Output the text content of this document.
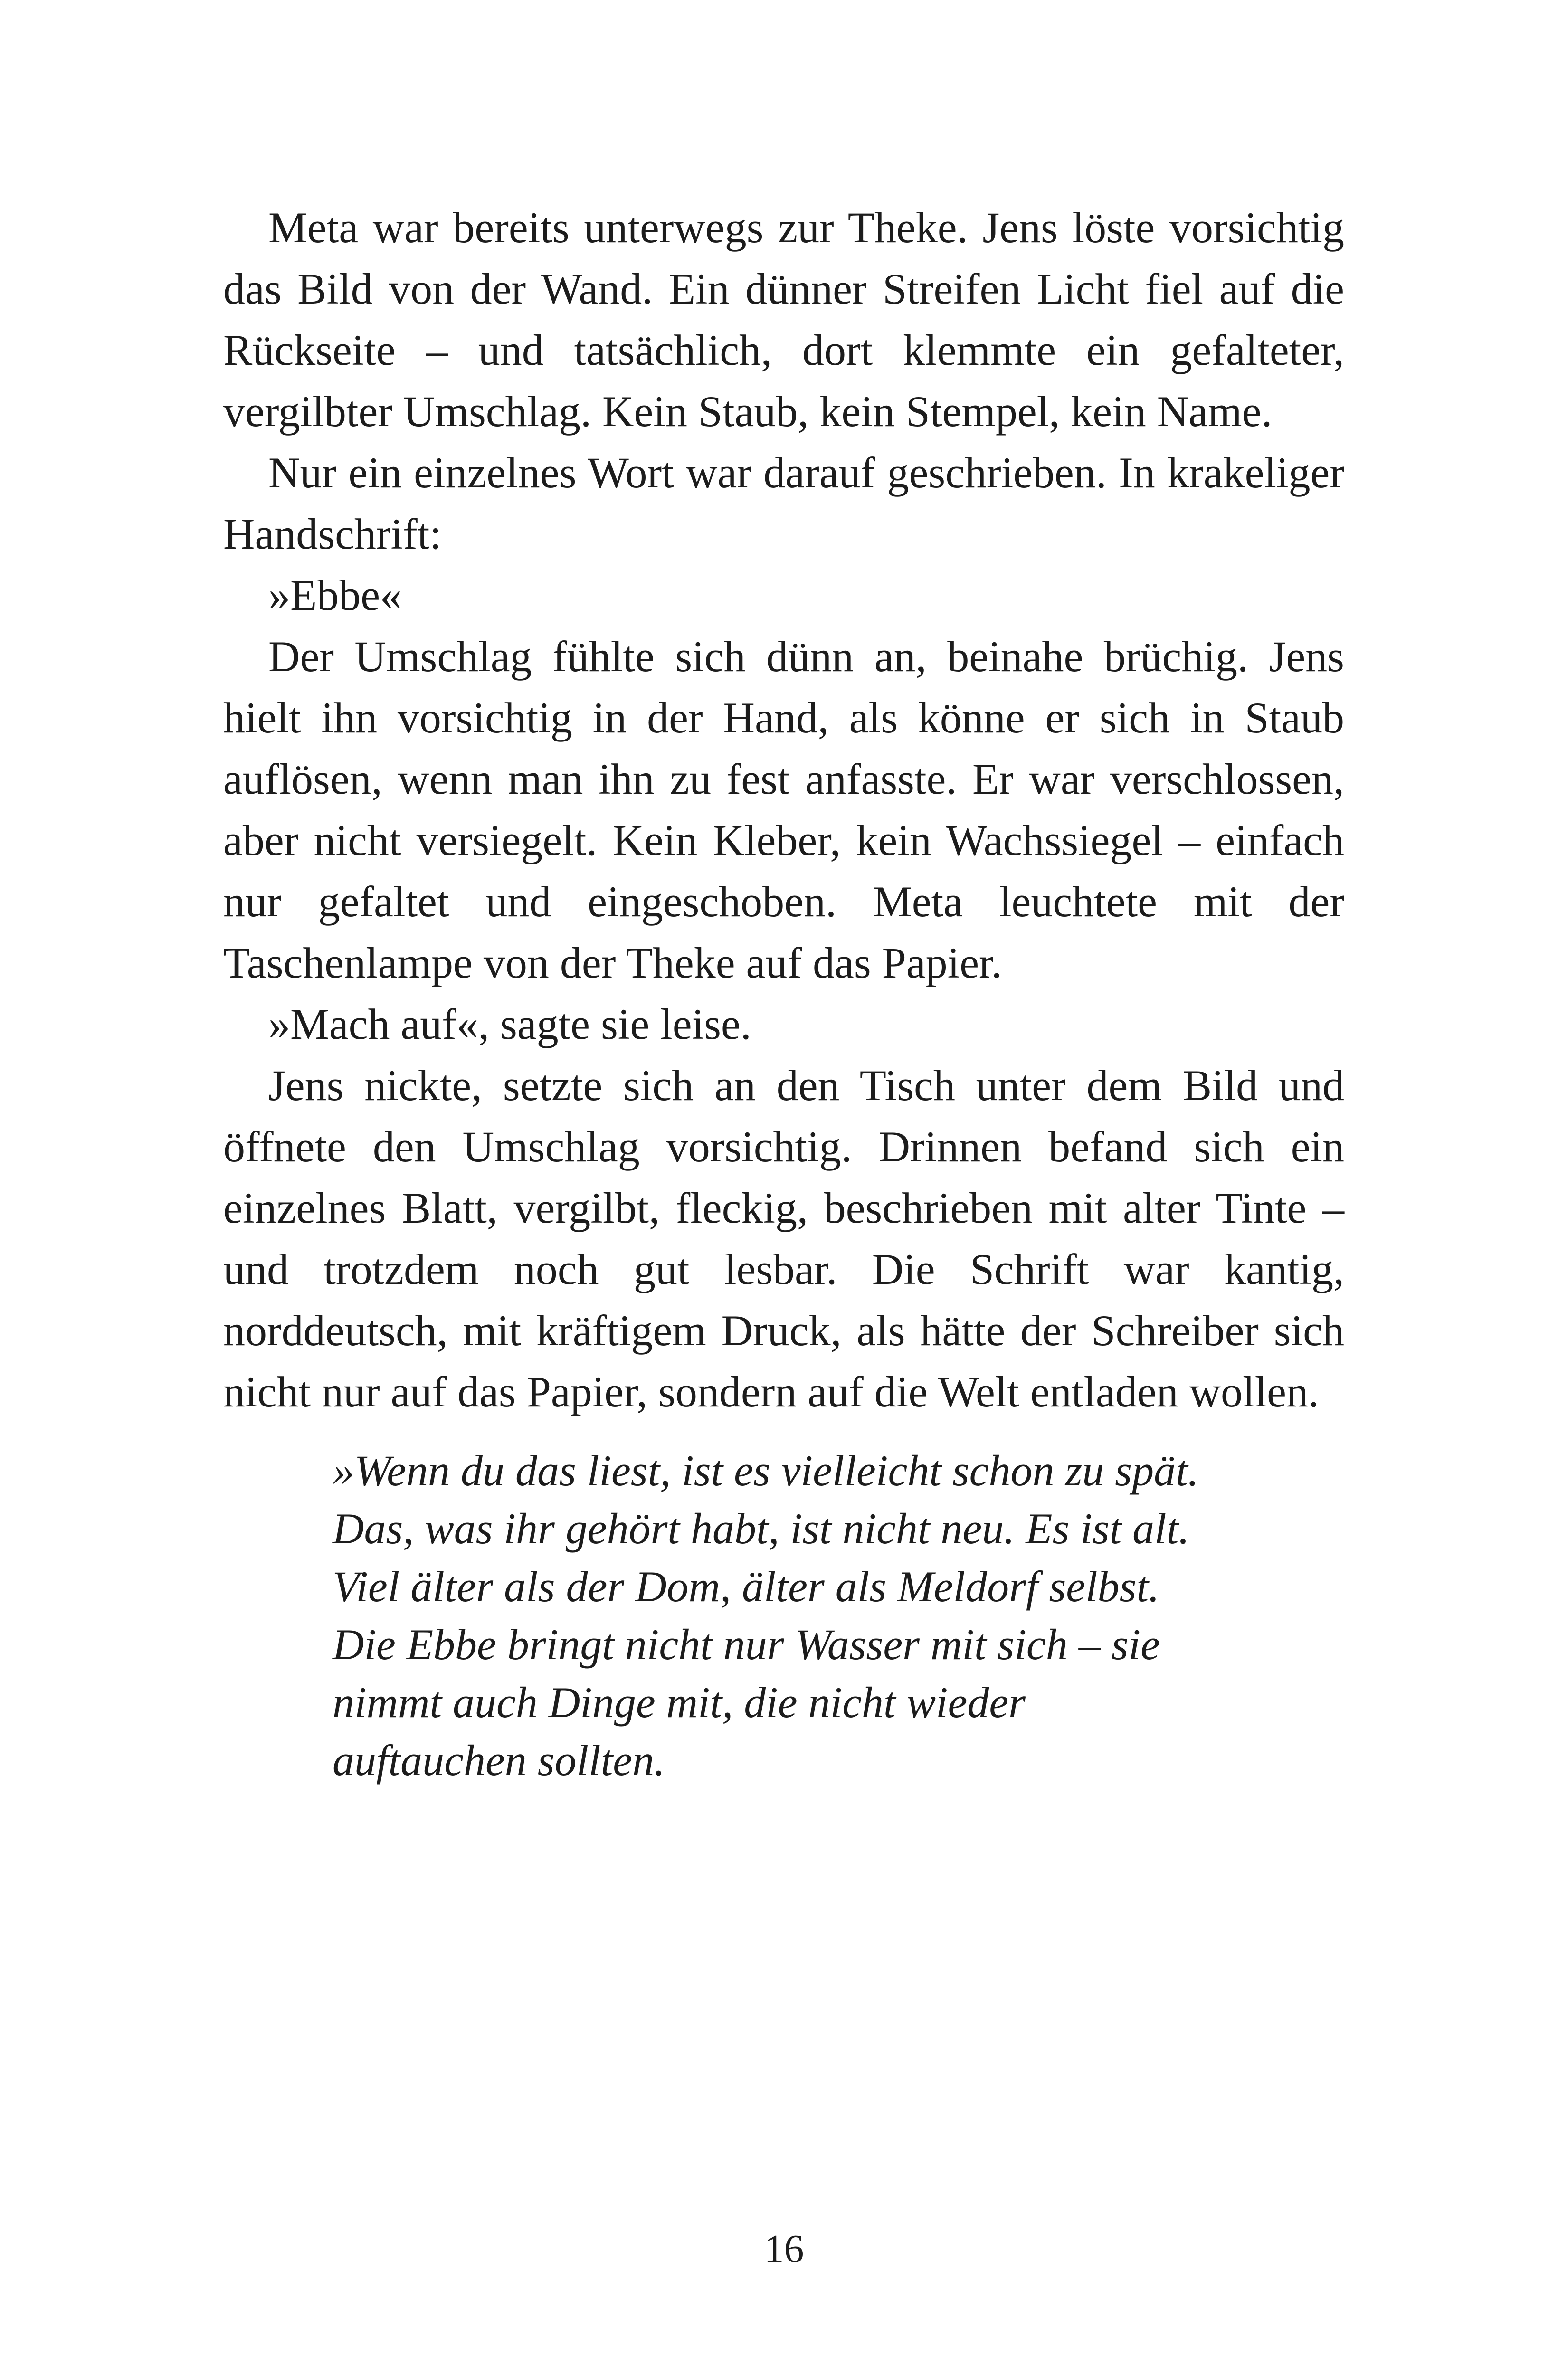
Meta war bereits unterwegs zur Theke. Jens löste vorsichtig das Bild von der Wand. Ein dünner Streifen Licht fiel auf die Rückseite – und tatsächlich, dort klemmte ein gefalteter, vergilbter Umschlag. Kein Staub, kein Stempel, kein Name.

Nur ein einzelnes Wort war darauf geschrieben. In krakeliger Handschrift:

»Ebbe«

Der Umschlag fühlte sich dünn an, beinahe brüchig. Jens hielt ihn vorsichtig in der Hand, als könne er sich in Staub auflösen, wenn man ihn zu fest anfasste. Er war verschlossen, aber nicht versiegelt. Kein Kleber, kein Wachssiegel – einfach nur gefaltet und eingeschoben. Meta leuchtete mit der Taschenlampe von der Theke auf das Papier.

»Mach auf«, sagte sie leise.

Jens nickte, setzte sich an den Tisch unter dem Bild und öffnete den Umschlag vorsichtig. Drinnen befand sich ein einzelnes Blatt, vergilbt, fleckig, beschrieben mit alter Tinte – und trotzdem noch gut lesbar. Die Schrift war kantig, norddeutsch, mit kräftigem Druck, als hätte der Schreiber sich nicht nur auf das Papier, sondern auf die Welt entladen wollen.

»Wenn du das liest, ist es vielleicht schon zu spät.
Das, was ihr gehört habt, ist nicht neu. Es ist alt.
Viel älter als der Dom, älter als Meldorf selbst.
Die Ebbe bringt nicht nur Wasser mit sich – sie
nimmt auch Dinge mit, die nicht wieder
auftauchen sollten.
16
